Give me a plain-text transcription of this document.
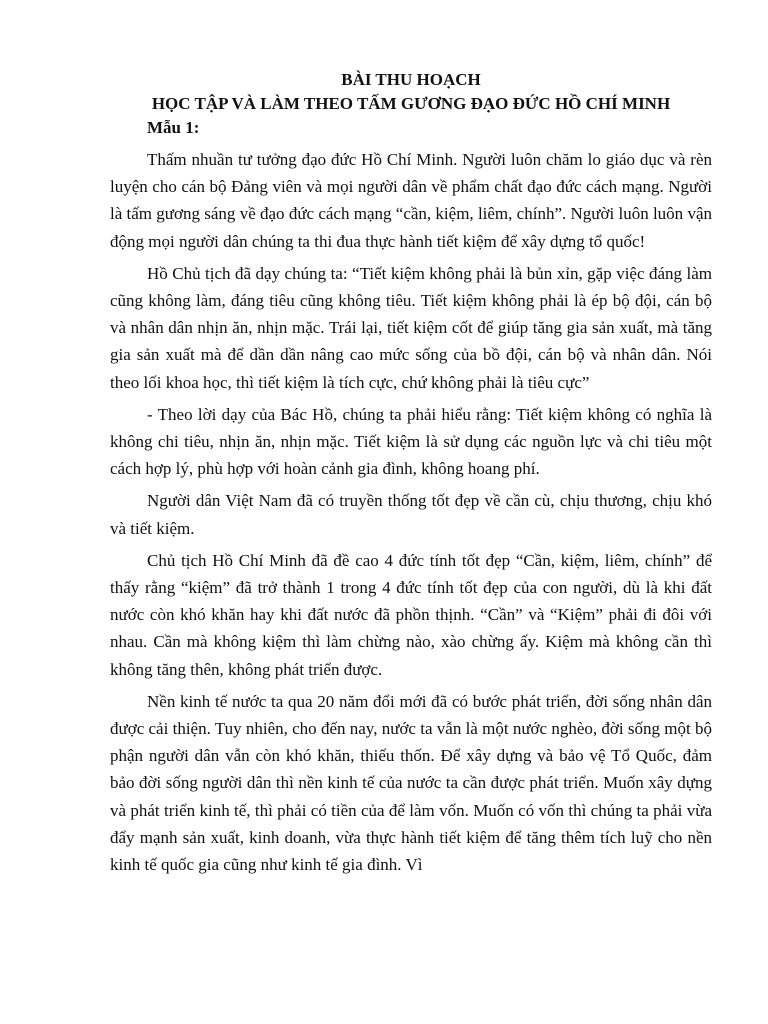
BÀI THU HOẠCH

HỌC TẬP VÀ LÀM THEO TẤM GƯƠNG ĐẠO ĐỨC HỒ CHÍ MINH

Mẫu 1:

Thấm nhuần tư tưởng đạo đức Hồ Chí Minh. Người luôn chăm lo giáo dục và rèn luyện cho cán bộ Đảng viên và mọi người dân về phẩm chất đạo đức cách mạng. Người là tấm gương sáng về đạo đức cách mạng “cần, kiệm, liêm, chính”. Người luôn luôn vận động mọi người dân chúng ta thi đua thực hành tiết kiệm để xây dựng tổ quốc!

Hồ Chủ tịch đã dạy chúng ta: “Tiết kiệm không phải là bủn xỉn, gặp việc đáng làm cũng không làm, đáng tiêu cũng không tiêu. Tiết kiệm không phải là ép bộ đội, cán bộ và nhân dân nhịn ăn, nhịn mặc. Trái lại, tiết kiệm cốt để giúp tăng gia sản xuất, mà tăng gia sản xuất mà để dần dần nâng cao mức sống của bồ đội, cán bộ và nhân dân. Nói theo lối khoa học, thì tiết kiệm là tích cực, chứ không phải là tiêu cực”

- Theo lời dạy của Bác Hồ, chúng ta phải hiểu rằng: Tiết kiệm không có nghĩa là không chi tiêu, nhịn ăn, nhịn mặc. Tiết kiệm là sử dụng các nguồn lực và chi tiêu một cách hợp lý, phù hợp với hoàn cảnh gia đình, không hoang phí.

Người dân Việt Nam đã có truyền thống tốt đẹp về cần cù, chịu thương, chịu khó và tiết kiệm.

Chủ tịch Hồ Chí Minh đã đề cao 4 đức tính tốt đẹp “Cần, kiệm, liêm, chính” để thấy rằng “kiệm” đã trở thành 1 trong 4 đức tính tốt đẹp của con người, dù là khi đất nước còn khó khăn hay khi đất nước đã phồn thịnh. “Cần” và “Kiệm” phải đi đôi với nhau. Cần mà không kiệm thì làm chừng nào, xào chừng ấy. Kiệm mà không cần thì không tăng thên, không phát triển được.

Nền kinh tế nước ta qua 20 năm đổi mới đã có bước phát triển, đời sống nhân dân được cải thiện. Tuy nhiên, cho đến nay, nước ta vẫn là một nước nghèo, đời sống một bộ phận người dân vẫn còn khó khăn, thiếu thốn. Để xây dựng và bảo vệ Tổ Quốc, đảm bảo đời sống người dân thì nền kinh tế của nước ta cần được phát triển. Muốn xây dựng và phát triển kinh tế, thì phải có tiền của để làm vốn. Muốn có vốn thì chúng ta phải vừa đẩy mạnh sản xuất, kinh doanh, vừa thực hành tiết kiệm để tăng thêm tích luỹ cho nền kinh tế quốc gia cũng như kinh tế gia đình. Vì
